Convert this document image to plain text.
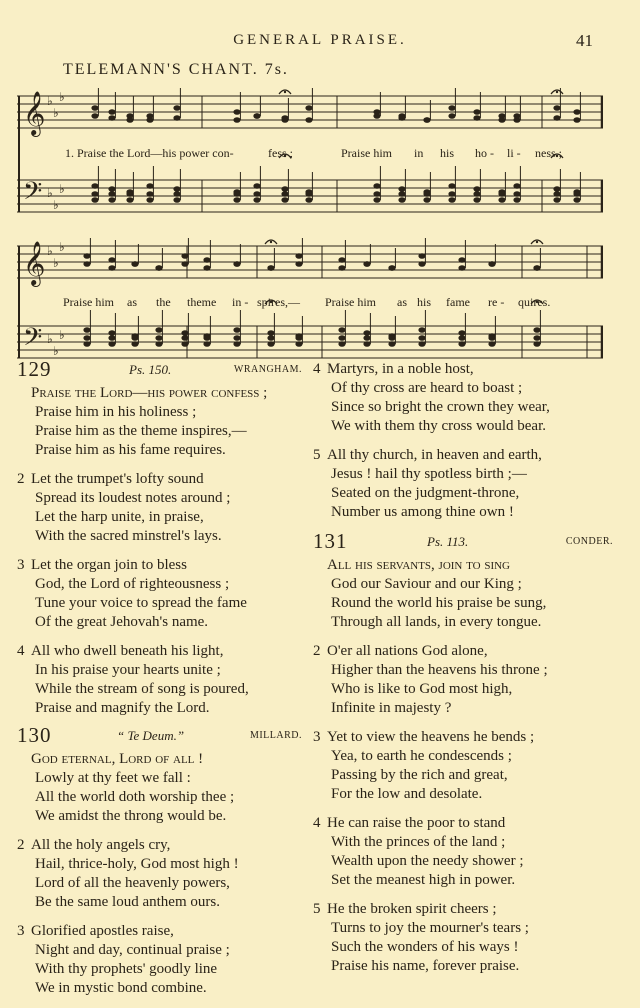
GENERAL PRAISE.	41
TELEMANN'S CHANT. 7s.
𝄞
𝄢
♭
♭
♭
♭
♭
♭
1. Praise the Lord—his power con-	fess ;	Praise him in his ho - li - ness ;
𝄞
𝄢
♭
♭
♭
♭
♭
♭
Praise him as the theme in - spires,— Praise him as his fame re - quires.
129	Ps. 150.	WRANGHAM.
Praise the Lord—his power confess ;
Praise him in his holiness ;
Praise him as the theme inspires,—
Praise him as his fame requires.
2 Let the trumpet's lofty sound
Spread its loudest notes around ;
Let the harp unite, in praise,
With the sacred minstrel's lays.
3 Let the organ join to bless
God, the Lord of righteousness ;
Tune your voice to spread the fame
Of the great Jehovah's name.
4 All who dwell beneath his light,
In his praise your hearts unite ;
While the stream of song is poured,
Praise and magnify the Lord.
130	“ Te Deum.”	MILLARD.
God eternal, Lord of all !
Lowly at thy feet we fall :
All the world doth worship thee ;
We amidst the throng would be.
2 All the holy angels cry,
Hail, thrice-holy, God most high !
Lord of all the heavenly powers,
Be the same loud anthem ours.
3 Glorified apostles raise,
Night and day, continual praise ;
With thy prophets' goodly line
We in mystic bond combine.
4 Martyrs, in a noble host,
Of thy cross are heard to boast ;
Since so bright the crown they wear,
We with them thy cross would bear.
5 All thy church, in heaven and earth,
Jesus ! hail thy spotless birth ;—
Seated on the judgment-throne,
Number us among thine own !
131	Ps. 113.	CONDER.
All his servants, join to sing
God our Saviour and our King ;
Round the world his praise be sung,
Through all lands, in every tongue.
2 O'er all nations God alone,
Higher than the heavens his throne ;
Who is like to God most high,
Infinite in majesty ?
3 Yet to view the heavens he bends ;
Yea, to earth he condescends ;
Passing by the rich and great,
For the low and desolate.
4 He can raise the poor to stand
With the princes of the land ;
Wealth upon the needy shower ;
Set the meanest high in power.
5 He the broken spirit cheers ;
Turns to joy the mourner's tears ;
Such the wonders of his ways !
Praise his name, forever praise.
